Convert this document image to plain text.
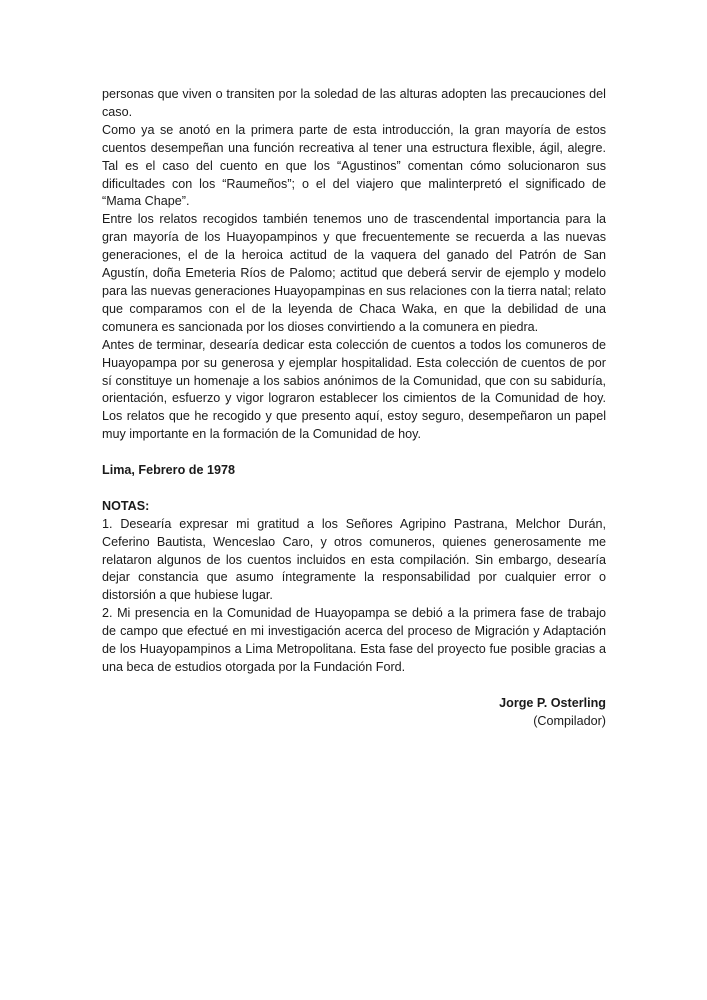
personas que viven o transiten por la soledad de las alturas adopten las precauciones del caso.

Como ya se anotó en la primera parte de esta introducción, la gran mayoría de estos cuentos desempeñan una función recreativa al tener una estructura flexible, ágil, alegre. Tal es el caso del cuento en que los “Agustinos” comentan cómo solucionaron sus dificultades con los “Raumeños”; o el del viajero que malinterpretó el significado de “Mama Chape”.

Entre los relatos recogidos también tenemos uno de trascendental importancia para la gran mayoría de los Huayopampinos y que frecuentemente se recuerda a las nuevas generaciones, el de la heroica actitud de la vaquera del ganado del Patrón de San Agustín, doña Emeteria Ríos de Palomo; actitud que deberá servir de ejemplo y modelo para las nuevas generaciones Huayopampinas en sus relaciones con la tierra natal; relato que comparamos con el de la leyenda de Chaca Waka, en que la debilidad de una comunera es sancionada por los dioses convirtiendo a la comunera en piedra.

Antes de terminar, desearía dedicar esta colección de cuentos a todos los comuneros de Huayopampa por su generosa y ejemplar hospitalidad. Esta colección de cuentos de por sí constituye un homenaje a los sabios anónimos de la Comunidad, que con su sabiduría, orientación, esfuerzo y vigor lograron establecer los cimientos de la Comunidad de hoy. Los relatos que he recogido y que presento aquí, estoy seguro, desempeñaron un papel muy importante en la formación de la Comunidad de hoy.

Lima, Febrero de 1978

NOTAS:

1. Desearía expresar mi gratitud a los Señores Agripino Pastrana, Melchor Durán, Ceferino Bautista, Wenceslao Caro, y otros comuneros, quienes generosamente me relataron algunos de los cuentos incluidos en esta compilación. Sin embargo, desearía dejar constancia que asumo íntegramente la responsabilidad por cualquier error o distorsión a que hubiese lugar.

2. Mi presencia en la Comunidad de Huayopampa se debió a la primera fase de trabajo de campo que efectué en mi investigación acerca del proceso de Migración y Adaptación de los Huayopampinos a Lima Metropolitana. Esta fase del proyecto fue posible gracias a una beca de estudios otorgada por la Fundación Ford.

Jorge P. Osterling

(Compilador)
